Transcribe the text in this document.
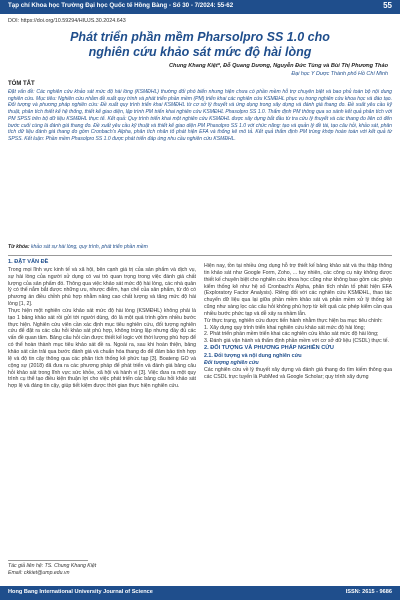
Tạp chí Khoa học Trường Đại học Quốc tế Hồng Bàng - Số 30 - 7/2024: 55-62	55
DOI: https://doi.org/10.59294/HIUJS.30.2024.643
Phát triển phần mềm Pharsolpro SS 1.0 cho nghiên cứu khảo sát mức độ hài lòng
Chung Khang Kiệt*, Đỗ Quang Dương, Nguyễn Đức Tùng và Bùi Thị Phương Thảo
Đại học Y Dược Thành phố Hồ Chí Minh
TÓM TẮT

Đặt vấn đề: Các nghiên cứu khảo sát mức độ hài lòng (KSMĐHL) thường đối phó biến nhưng hiện chưa có phần mềm hỗ trợ chuyên biệt và bao phủ toàn bộ nội dung nghiên cứu. Mục tiêu: Nghiên cứu nhằm đề xuất quy trình và phát triển phần mềm (PM) triển khai các nghiên cứu KSMĐHL phục vụ trong nghiên cứu khoa học và đào tạo. Đối tượng và phương pháp nghiên cứu: Đề xuất quy trình triển khai KSMĐHL từ cơ sở lý thuyết và ứng dụng trong xây dựng và đánh giá thang đo. Đề xuất yêu cầu kỹ thuật, phân tích thiết kế hệ thống, thiết kế giao diện, lập trình PM triển khai nghiên cứu KSMĐHL Phasolpro SS 1.0. Thẩm định PM thông qua so sánh kết quả phân tích với PM SPSS trên bộ dữ liệu KSMĐHL thực tế. Kết quả: Quy trình triển khai một nghiên cứu KSMĐHL được xây dựng bắt đầu từ tra cứu lý thuyết và các thang đo liên có đến bước cuối cùng là đánh giá thang đo. Đề xuất yêu cầu kỹ thuật và thiết kế giao diện PM Phasolpro SS 1.0 với chức năng: tạo và quản lý đề tài, tạo câu hỏi, khảo sát, phân tích dữ liệu đánh giá thang đo gồm Cronbach's Alpha, phân tích nhân tố phát hiện EFA và thống kê mô tả. Kết quả thẩm định PM trùng khớp hoàn toàn với kết quả từ SPSS. Kết luận: Phần mềm Phasolpro SS 1.0 được phát triển đáp ứng nhu cầu nghiên cứu KSMĐHL.

Từ khóa: khảo sát sự hài lòng, quy trình, phát triển phần mềm
1. ĐẶT VẤN ĐỀ

Trong mọi lĩnh vực kinh tế và xã hội, bên cạnh giá trị của sản phẩm và dịch vụ, sự hài lòng của người sử dụng có vai trò quan trọng trong việc đánh giá chất lượng của sản phẩm đó. Thông qua việc khảo sát mức độ hài lòng, các nhà quản lý có thể nắm bắt được những ưu, nhược điểm, hạn chế của sản phẩm, từ đó có phương án điều chỉnh phù hợp nhằm nâng cao chất lượng và tăng mức độ hài lòng [1, 2].

Thực hiện một nghiên cứu khảo sát mức độ hài lòng (KSMĐHL) không phải là tạo 1 bảng khảo sát rồi gửi tới người dùng, đó là một quá trình gồm nhiều bước thực hiện. Nghiên cứu viên cần xác định mục tiêu nghiên cứu, đối tượng nghiên cứu để đặt ra các câu hỏi khảo sát phù hợp, không trùng lặp nhưng đầy đủ các vấn đề quan tâm. Bảng câu hỏi cần được thiết kế logic với thời lượng phù hợp để có thể hoàn thành mục tiêu khảo sát đề ra. Ngoài ra, sau khi hoàn thiện, bảng khảo sát cần trải qua bước đánh giá và chuẩn hóa thang đo để đảm bảo tính hợp lệ và độ tin cậy thông qua các phân tích thống kê phức tạp [3]. Boateng GO và cộng sự (2018) đã đưa ra các phương pháp để phát triển và đánh giá bảng câu hỏi khảo sát trong lĩnh vực sức khỏe, xã hội và hành vi [3]. Việc đưa ra một quy trình cụ thể tạo điều kiện thuận lợi cho việc phát triển các bảng câu hỏi khảo sát hợp lệ và đáng tin cậy, giúp tiết kiệm được thời gian thực hiện nghiên cứu.

Hiện nay, tồn tại nhiều ứng dụng hỗ trợ thiết kế bảng khảo sát và thu thập thông tin khảo sát như Google Form, Zoho, ... tuy nhiên, các công cụ này không được thiết kế chuyên biệt cho nghiên cứu khoa học cũng như không bao gồm các phép kiểm thống kê như hệ số Cronbach's Alpha, phân tích nhân tố phát hiện EFA (Exploratory Factor Analysis). Riêng đối với các nghiên cứu KSMĐHL, thao tác chuyển dữ liệu qua lại giữa phần mềm khảo sát và phần mềm xử lý thống kê cũng như sàng lọc các câu hỏi không phù hợp từ kết quả các phép kiểm cần qua nhiều bước phức tạp và dễ xảy ra nhầm lẫn.

Từ thực trạng, nghiên cứu được tiến hành nhằm thực hiện ba mục tiêu chính:

1. Xây dựng quy trình triển khai nghiên cứu khảo sát mức độ hài lòng;
2. Phát triển phần mềm triển khai các nghiên cứu khảo sát mức độ hài lòng;
3. Đánh giá vận hành và thẩm định phần mềm với cơ sở dữ liệu (CSDL) thực tế.
2. ĐỐI TƯỢNG VÀ PHƯƠNG PHÁP NGHIÊN CỨU
2.1. Đối tượng và nội dung nghiên cứu
Đối tượng nghiên cứu

Các nghiên cứu về lý thuyết xây dựng và đánh giá thang đo tìm kiếm thông qua các CSDL trực tuyến là PubMed và Google Scholar; quy trình xây dựng

Tác giả liên hệ: TS. Chung Khang Kiệt
Email: ckkiet@ump.edu.vn
Hong Bang International University Journal of Science	ISSN: 2615 - 9686
